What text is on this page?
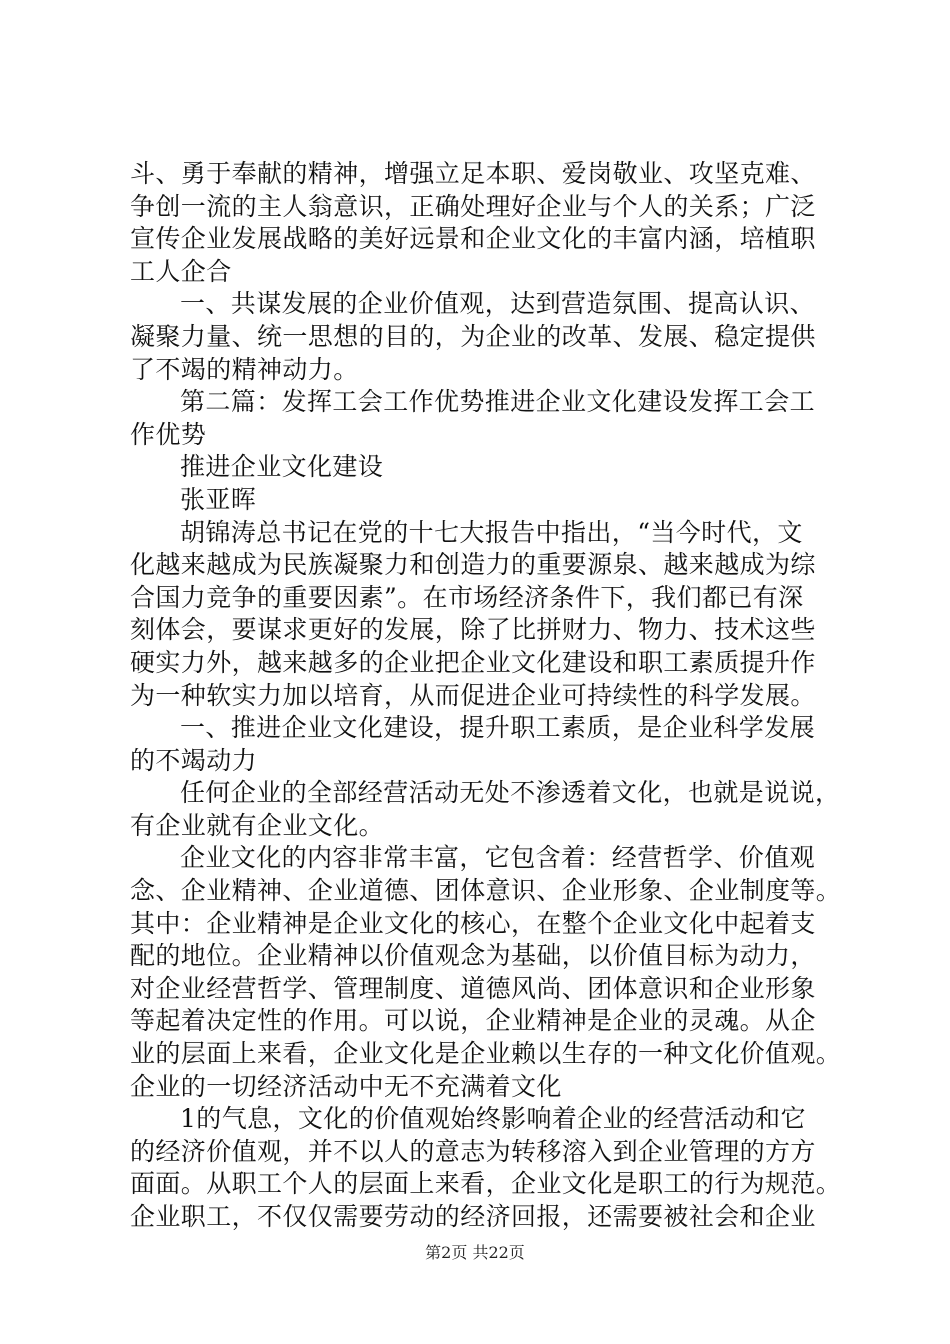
斗、勇于奉献的精神，增强立足本职、爱岗敬业、攻坚克难、
争创一流的主人翁意识，正确处理好企业与个人的关系；广泛
宣传企业发展战略的美好远景和企业文化的丰富内涵，培植职
工人企合
一、共谋发展的企业价值观，达到营造氛围、提高认识、
凝聚力量、统一思想的目的，为企业的改革、发展、稳定提供
了不竭的精神动力。
第二篇：发挥工会工作优势推进企业文化建设发挥工会工
作优势
推进企业文化建设
张亚晖
胡锦涛总书记在党的十七大报告中指出，“当今时代，文
化越来越成为民族凝聚力和创造力的重要源泉、越来越成为综
合国力竞争的重要因素”。在市场经济条件下，我们都已有深
刻体会，要谋求更好的发展，除了比拼财力、物力、技术这些
硬实力外，越来越多的企业把企业文化建设和职工素质提升作
为一种软实力加以培育，从而促进企业可持续性的科学发展。
一、推进企业文化建设，提升职工素质，是企业科学发展
的不竭动力
任何企业的全部经营活动无处不渗透着文化，也就是说说，
有企业就有企业文化。
企业文化的内容非常丰富，它包含着：经营哲学、价值观
念、企业精神、企业道德、团体意识、企业形象、企业制度等。
其中：企业精神是企业文化的核心，在整个企业文化中起着支
配的地位。企业精神以价值观念为基础，以价值目标为动力，
对企业经营哲学、管理制度、道德风尚、团体意识和企业形象
等起着决定性的作用。可以说，企业精神是企业的灵魂。从企
业的层面上来看，企业文化是企业赖以生存的一种文化价值观。
企业的一切经济活动中无不充满着文化
1的气息，文化的价值观始终影响着企业的经营活动和它
的经济价值观，并不以人的意志为转移溶入到企业管理的方方
面面。从职工个人的层面上来看，企业文化是职工的行为规范。
企业职工，不仅仅需要劳动的经济回报，还需要被社会和企业
第2页 共22页
